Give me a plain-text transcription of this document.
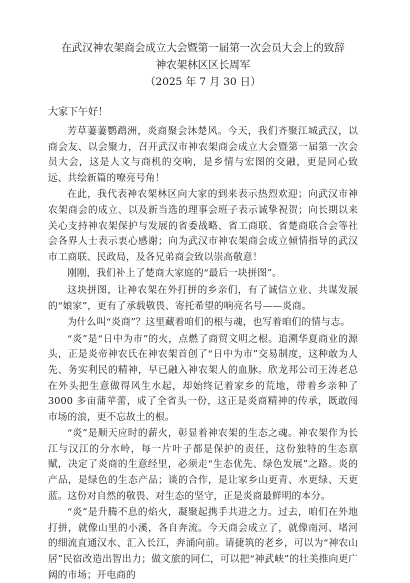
在武汉神农架商会成立大会暨第一届第一次会员大会上的致辞
神农架林区区长周军
（2025 年 7 月 30 日）
大家下午好！

芳草萋萋鹦鹉洲，炎商聚会沐楚风。今天，我们齐聚江城武汉，以商会友、以会聚力，召开武汉市神农架商会成立大会暨第一届第一次会员大会，这是人文与商机的交响，是乡情与宏图的交融，更是同心致远、共绘新篇的嘹亮号角！

在此，我代表神农架林区向大家的到来表示热烈欢迎；向武汉市神农架商会的成立、以及新当选的理事会班子表示诚挚祝贺；向长期以来关心支持神农架保护与发展的省委战略、省工商联、省楚商联合会等社会各界人士表示衷心感谢；向为武汉市神农架商会成立倾情指导的武汉市工商联、民政局，及各兄弟商会致以崇高敬意！

刚刚，我们补上了楚商大家庭的“最后一块拼图”。

这块拼图，让神农架在外打拼的乡亲们，有了诚信立业、共谋发展的“娘家”，更有了承载敬畏、寄托希望的响亮名号——炎商。

为什么叫“炎商”？这里藏着咱们的根与魂，也写着咱们的情与志。

“炎”是“日中为市”的火，点燃了商贸文明之根。追溯华夏商业的源头，正是炎帝神农氏在神农架首创了“日中为市”交易制度，这种敢为人先、务实利民的精神，早已融入神农架人的血脉。欣龙邦公司王涛老总在外头把生意做得风生水起，却始终记着家乡的荒地，带着乡亲种了 3000 多亩蒲苹蕾，成了全省头一份，这正是炎商精神的传承，既敢闯市场的浪，更不忘故土的根。

“炎”是顺天应时的薪火，彰显着神农架的生态之魂。神农架作为长江与汉江的分水岭，每一片叶子都是保护的责任，这份独特的生态禀赋，决定了炎商的生意经里，必须走“生态优先、绿色发展”之路。炎的产品，是绿色的生态产品；谈的合作，是让家乡山更青、水更绿、天更蓝。这份对自然的敬畏、对生态的坚守，正是炎商最鲜明的本分。

“炎”是升腾不息的焰火，凝聚起携手共进之力。过去，咱们在外地打拼，就像山里的小溪，各自奔流。今天商会成立了，就像南河、堵河的细流直通汉水、汇入长江，奔涌向前。请捷筑的老乡，可以为“神农山居”民宿改造出智出力；做文旅的同仁，可以把“神武峡”的壮美推向更广阔的市场；开电商的
